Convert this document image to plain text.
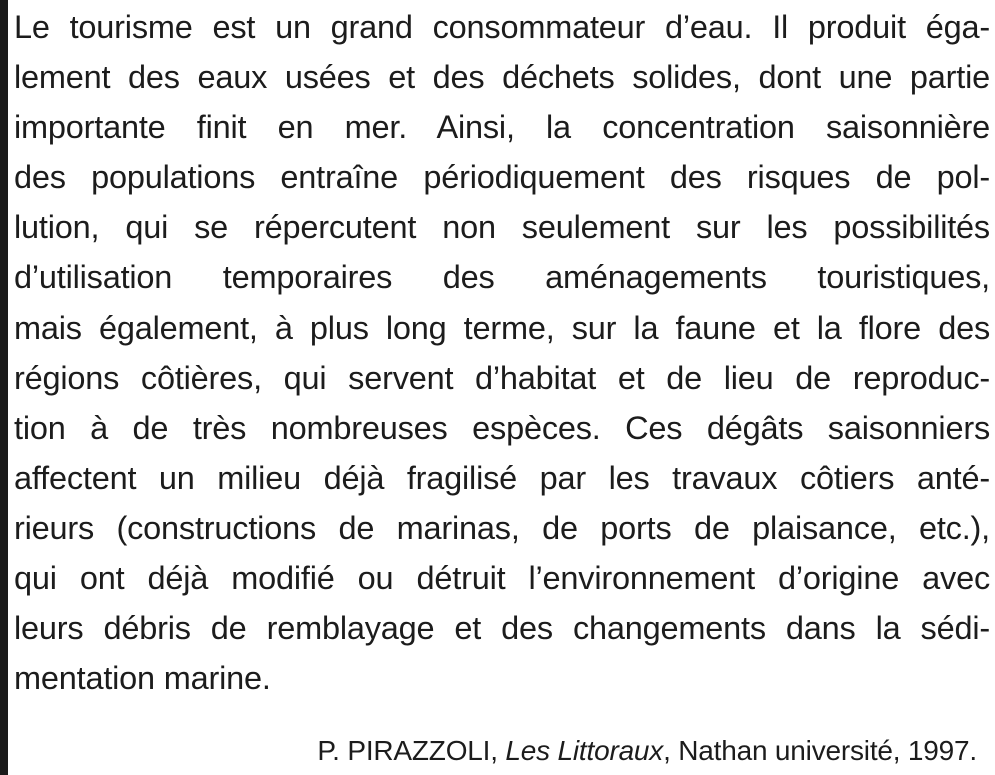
Le tourisme est un grand consommateur d’eau. Il produit éga-
lement des eaux usées et des déchets solides, dont une partie
importante finit en mer. Ainsi, la concentration saisonnière
des populations entraîne périodiquement des risques de pol-
lution, qui se répercutent non seulement sur les possibilités
d’utilisation temporaires des aménagements touristiques,
mais également, à plus long terme, sur la faune et la flore des
régions côtières, qui servent d’habitat et de lieu de reproduc-
tion à de très nombreuses espèces. Ces dégâts saisonniers
affectent un milieu déjà fragilisé par les travaux côtiers anté-
rieurs (constructions de marinas, de ports de plaisance, etc.),
qui ont déjà modifié ou détruit l’environnement d’origine avec
leurs débris de remblayage et des changements dans la sédi-
mentation marine.
P. PIRAZZOLI, Les Littoraux, Nathan université, 1997.
